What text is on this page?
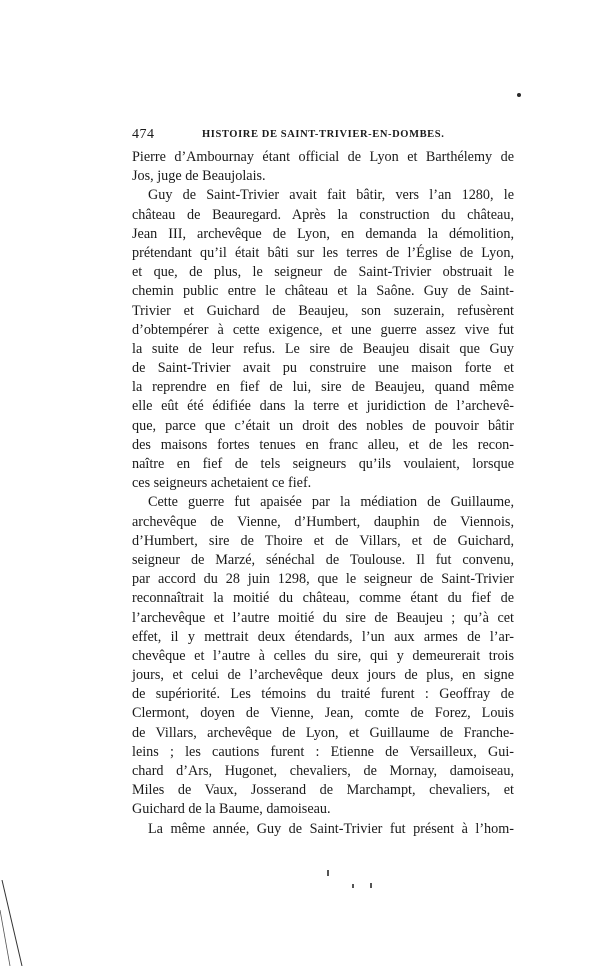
474	HISTOIRE DE SAINT-TRIVIER-EN-DOMBES.
Pierre d’Ambournay étant official de Lyon et Barthélemy de
Jos, juge de Beaujolais.
Guy de Saint-Trivier avait fait bâtir, vers l’an 1280, le
château de Beauregard. Après la construction du château,
Jean III, archevêque de Lyon, en demanda la démolition,
prétendant qu’il était bâti sur les terres de l’Église de Lyon,
et que, de plus, le seigneur de Saint-Trivier obstruait le
chemin public entre le château et la Saône. Guy de Saint-
Trivier et Guichard de Beaujeu, son suzerain, refusèrent
d’obtempérer à cette exigence, et une guerre assez vive fut
la suite de leur refus. Le sire de Beaujeu disait que Guy
de Saint-Trivier avait pu construire une maison forte et
la reprendre en fief de lui, sire de Beaujeu, quand même
elle eût été édifiée dans la terre et juridiction de l’archevê-
que, parce que c’était un droit des nobles de pouvoir bâtir
des maisons fortes tenues en franc alleu, et de les recon-
naître en fief de tels seigneurs qu’ils voulaient, lorsque
ces seigneurs achetaient ce fief.
Cette guerre fut apaisée par la médiation de Guillaume,
archevêque de Vienne, d’Humbert, dauphin de Viennois,
d’Humbert, sire de Thoire et de Villars, et de Guichard,
seigneur de Marzé, sénéchal de Toulouse. Il fut convenu,
par accord du 28 juin 1298, que le seigneur de Saint-Trivier
reconnaîtrait la moitié du château, comme étant du fief de
l’archevêque et l’autre moitié du sire de Beaujeu ; qu’à cet
effet, il y mettrait deux étendards, l’un aux armes de l’ar-
chevêque et l’autre à celles du sire, qui y demeurerait trois
jours, et celui de l’archevêque deux jours de plus, en signe
de supériorité. Les témoins du traité furent : Geoffray de
Clermont, doyen de Vienne, Jean, comte de Forez, Louis
de Villars, archevêque de Lyon, et Guillaume de Franche-
leins ; les cautions furent : Etienne de Versailleux, Gui-
chard d’Ars, Hugonet, chevaliers, de Mornay, damoiseau,
Miles de Vaux, Josserand de Marchampt, chevaliers, et
Guichard de la Baume, damoiseau.
La même année, Guy de Saint-Trivier fut présent à l’hom-
